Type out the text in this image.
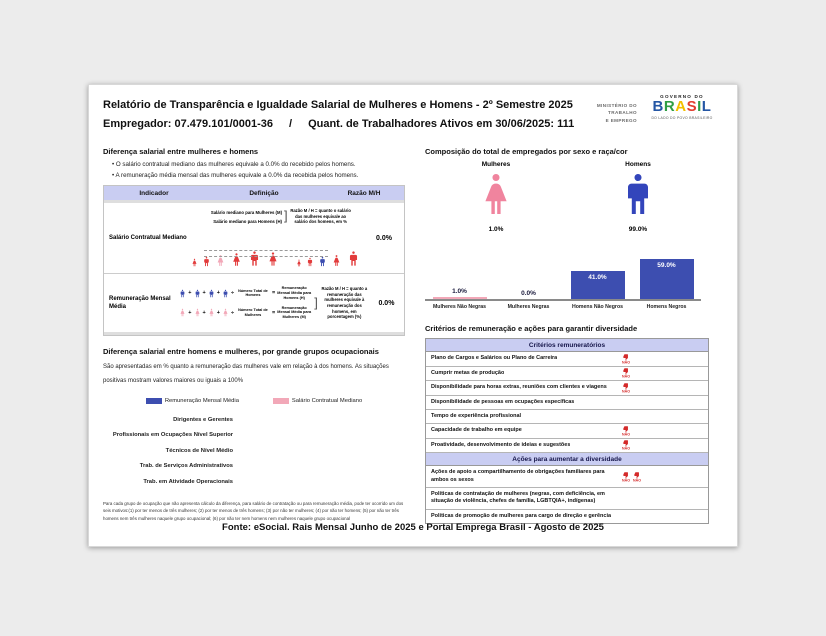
Relatório de Transparência e Igualdade Salarial de Mulheres e Homens - 2º Semestre 2025
Empregador: 07.479.101/0001-36 / Quant. de Trabalhadores Ativos em 30/06/2025: 111
MINISTÉRIO DO
TRABALHO
E EMPREGO
GOVERNO DO
BRASIL
DO LADO DO POVO BRASILEIRO
Diferença salarial entre mulheres e homens
• O salário contratual mediano das mulheres equivale a 0.0% do recebido pelos homens.
• A remuneração média mensal das mulheres equivale a 0.0% da recebida pelos homens.
Indicador	Definição	Razão M/H
Salário Contratual Mediano
Salário mediano para Mulheres (M)
Salário mediano para Homens (H) ] Razão M / H = quanto o salário das mulheres equivale ao salário dos homens, em %
0.0%
Remuneração Mensal Média
+ + + ÷	Número Total de Homens	=
Remuneração Mensal Média para Homens (H)
+ + + ÷	Número Total de Mulheres	=
Remuneração Mensal Média para Mulheres (M)
]
Razão M / H = quanto a remuneração das mulheres equivale à remuneração dos homens, em porcentagem (%)
0.0%
Diferença salarial entre homens e mulheres, por grande grupos ocupacionais
São apresentadas em % quanto a remuneração das mulheres vale em relação à dos homens. As situações positivas mostram valores maiores ou iguais a 100%
Remuneração Mensal Média	Salário Contratual Mediano
Dirigentes e Gerentes
Profissionais em Ocupações Nível Superior
Técnicos de Nível Médio
Trab. de Serviços Administrativos
Trab. em Atividade Operacionais
Para cada grupo de ocupação que não apresenta cálculo da diferença, para salário de contratação ou para remuneração média, pode ter ocorrido um dos seis motivos:(1) por ter menos de três mulheres; (2) por ter menos de três homens; (3) por não ter mulheres; (4) por não ter homens; (5) por não ter três homens nem três mulheres naquele grupo ocupacional; (6) por não ter nem homens nem mulheres naquele grupo ocupacional
Composição do total de empregados por sexo e raça/cor
Mulheres
1.0%
Homens
99.0%
1.0%	0.0%
41.0%
59.0%
Mulheres Não Negras	Mulheres Negras	Homens Não Negros	Homens Negros
Critérios de remuneração e ações para garantir diversidade
Critérios remuneratórios
Plano de Cargos e Salários ou Plano de Carreira
NÃO
Cumprir metas de produção
NÃO
Disponibilidade para horas extras, reuniões com clientes e viagens
NÃO
Disponibilidade de pessoas em ocupações específicas
Tempo de experiência profissional
Capacidade de trabalho em equipe
NÃO
Proatividade, desenvolvimento de ideias e sugestões
NÃO
Ações para aumentar a diversidade
Ações de apoio a compartilhamento de obrigações familiares para ambos os sexos	NÃO NÃO
Políticas de contratação de mulheres (negras, com deficiência, em situação de violência, chefes de família, LGBTQIA+, indígenas)
Políticas de promoção de mulheres para cargo de direção e gerência
Fonte: eSocial. Rais Mensal Junho de 2025 e Portal Emprega Brasil - Agosto de 2025
